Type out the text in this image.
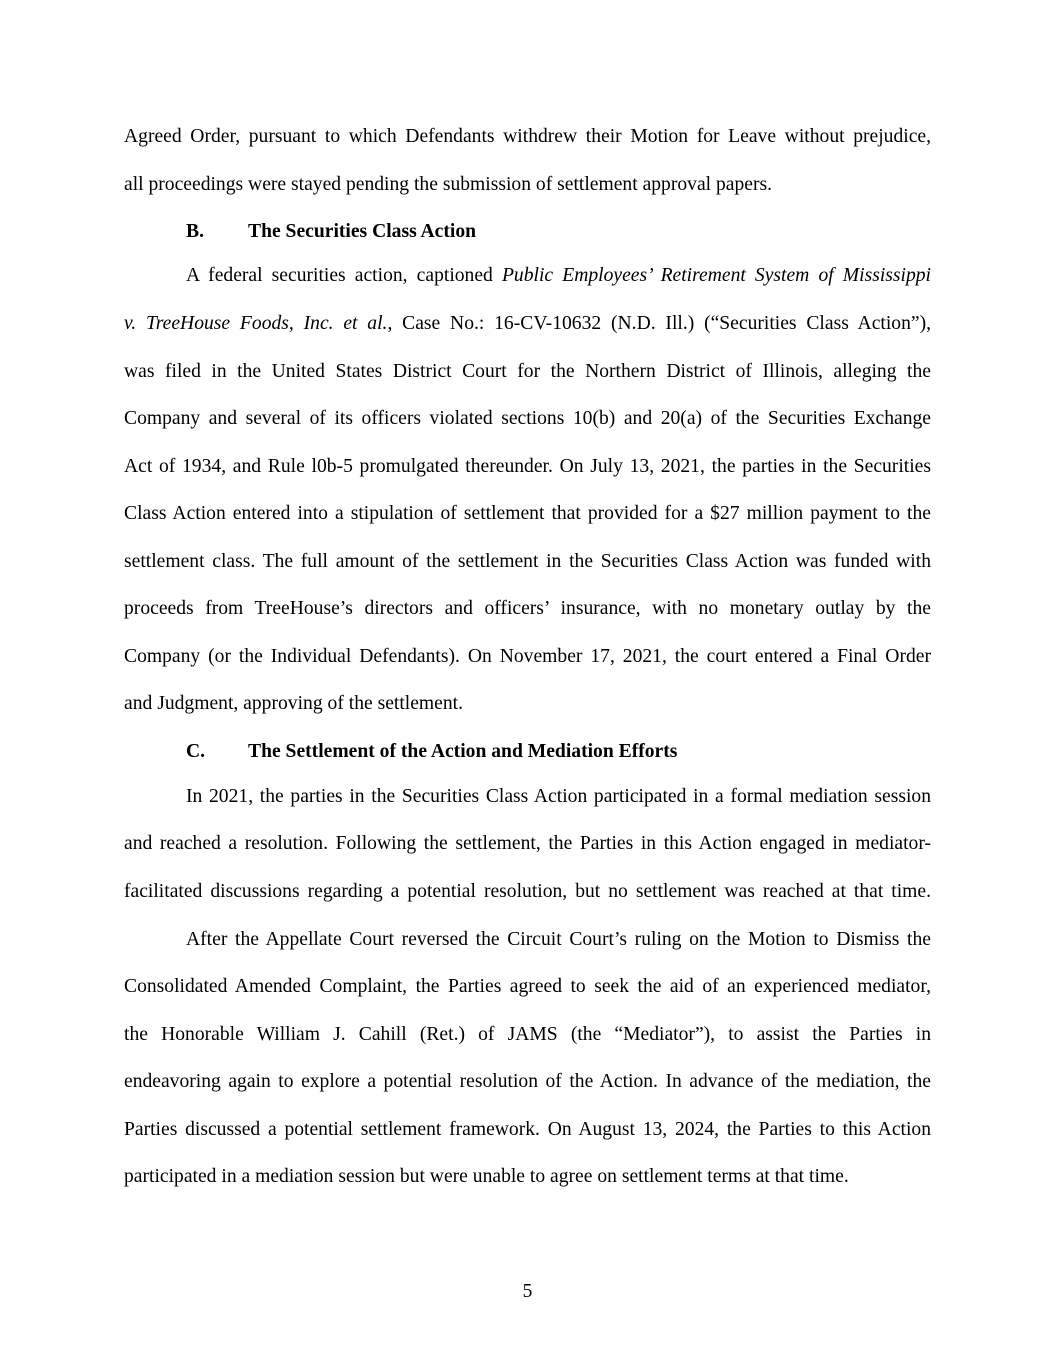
Agreed Order, pursuant to which Defendants withdrew their Motion for Leave without prejudice,
all proceedings were stayed pending the submission of settlement approval papers.
B. The Securities Class Action
A federal securities action, captioned Public Employees’ Retirement System of Mississippi
v. TreeHouse Foods, Inc. et al., Case No.: 16-CV-10632 (N.D. Ill.) (“Securities Class Action”),
was filed in the United States District Court for the Northern District of Illinois, alleging the
Company and several of its officers violated sections 10(b) and 20(a) of the Securities Exchange
Act of 1934, and Rule l0b-5 promulgated thereunder. On July 13, 2021, the parties in the Securities
Class Action entered into a stipulation of settlement that provided for a $27 million payment to the
settlement class. The full amount of the settlement in the Securities Class Action was funded with
proceeds from TreeHouse’s directors and officers’ insurance, with no monetary outlay by the
Company (or the Individual Defendants). On November 17, 2021, the court entered a Final Order
and Judgment, approving of the settlement.
C. The Settlement of the Action and Mediation Efforts
In 2021, the parties in the Securities Class Action participated in a formal mediation session
and reached a resolution. Following the settlement, the Parties in this Action engaged in mediator-
facilitated discussions regarding a potential resolution, but no settlement was reached at that time.
After the Appellate Court reversed the Circuit Court’s ruling on the Motion to Dismiss the
Consolidated Amended Complaint, the Parties agreed to seek the aid of an experienced mediator,
the Honorable William J. Cahill (Ret.) of JAMS (the “Mediator”), to assist the Parties in
endeavoring again to explore a potential resolution of the Action. In advance of the mediation, the
Parties discussed a potential settlement framework. On August 13, 2024, the Parties to this Action
participated in a mediation session but were unable to agree on settlement terms at that time.
5
